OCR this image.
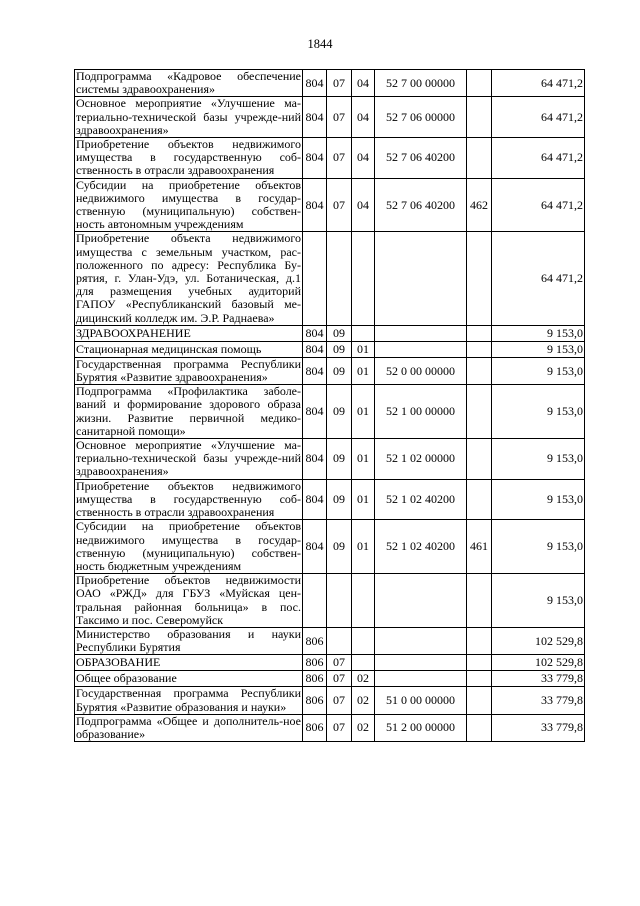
1844
Подпрограмма «Кадровое обеспечение системы здравоохранения»	804	07	04	52 7 00 00000		64 471,2
Основное мероприятие «Улучшение ма-териально-технической базы учрежде-ний здравоохранения»	804	07	04	52 7 06 00000		64 471,2
Приобретение объектов недвижимого имущества в государственную соб-ственность в отрасли здравоохранения	804	07	04	52 7 06 40200		64 471,2
Субсидии на приобретение объектов недвижимого имущества в государ-ственную (муниципальную) собствен-ность автономным учреждениям	804	07	04	52 7 06 40200	462	64 471,2
Приобретение объекта недвижимого имущества с земельным участком, рас-положенного по адресу: Республика Бу-рятия, г. Улан-Удэ, ул. Ботаническая, д.1 для размещения учебных аудиторий ГАПОУ «Республиканский базовый ме-дицинский колледж им. Э.Р. Раднаева»						64 471,2
ЗДРАВООХРАНЕНИЕ	804	09				9 153,0
Стационарная медицинская помощь	804	09	01			9 153,0
Государственная программа Республики Бурятия «Развитие здравоохранения»	804	09	01	52 0 00 00000		9 153,0
Подпрограмма «Профилактика заболе-ваний и формирование здорового образа жизни. Развитие первичной медико-санитарной помощи»	804	09	01	52 1 00 00000		9 153,0
Основное мероприятие «Улучшение ма-териально-технической базы учрежде-ний здравоохранения»	804	09	01	52 1 02 00000		9 153,0
Приобретение объектов недвижимого имущества в государственную соб-ственность в отрасли здравоохранения	804	09	01	52 1 02 40200		9 153,0
Субсидии на приобретение объектов недвижимого имущества в государ-ственную (муниципальную) собствен-ность бюджетным учреждениям	804	09	01	52 1 02 40200	461	9 153,0
Приобретение объектов недвижимости ОАО «РЖД» для ГБУЗ «Муйская цен-тральная районная больница» в пос. Таксимо и пос. Северомуйск						9 153,0
Министерство образования и науки Республики Бурятия	806					102 529,8
ОБРАЗОВАНИЕ	806	07				102 529,8
Общее образование	806	07	02			33 779,8
Государственная программа Республики Бурятия «Развитие образования и науки»	806	07	02	51 0 00 00000		33 779,8
Подпрограмма «Общее и дополнитель-ное образование»	806	07	02	51 2 00 00000		33 779,8
